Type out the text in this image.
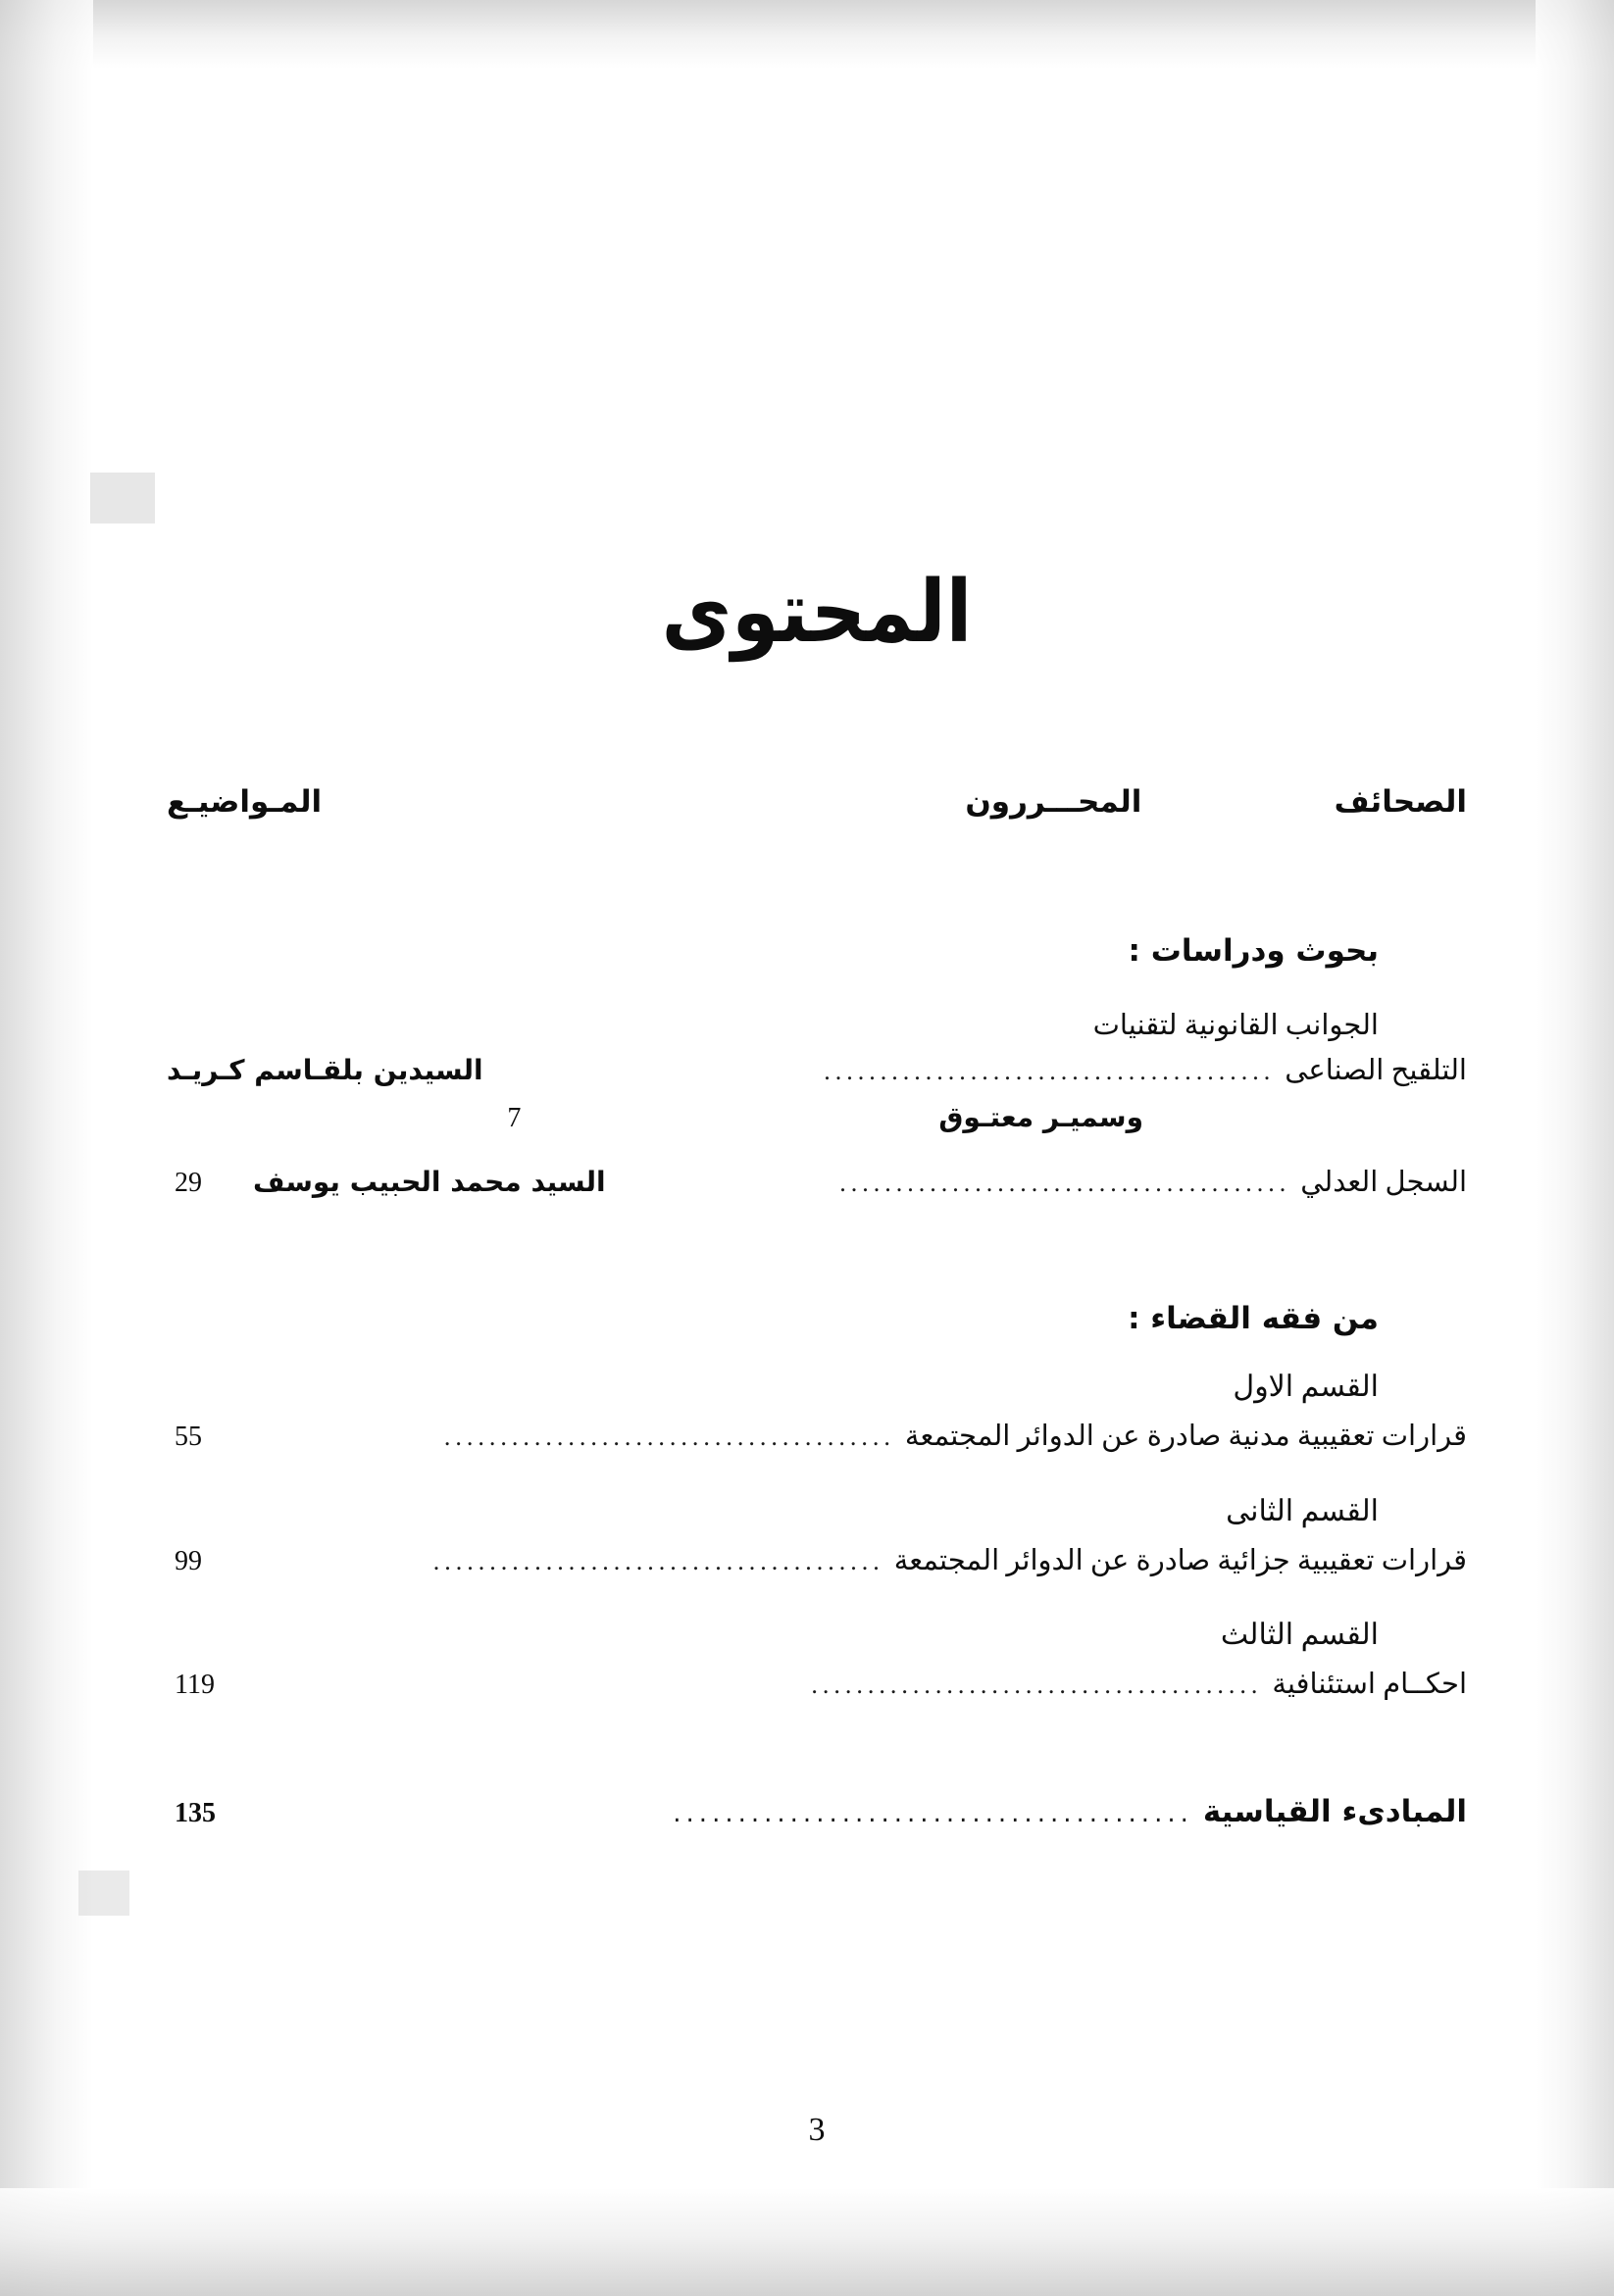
المحتوى
الصحائف
المحـــررون
المـواضيـع
بحوث ودراسات :
الجوانب القانونية لتقنيات
التلقيح الصناعى
........................................
السيدين بلقـاسم كـريـد
وسميـر معتـوق
7
السجل العدلي
........................................
السيد محمد الحبيب يوسف
29
من فقه القضاء :
القسم الاول
قرارات تعقيبية مدنية صادرة عن الدوائر المجتمعة
........................................
55
القسم الثانى
قرارات تعقيبية جزائية صادرة عن الدوائر المجتمعة
........................................
99
القسم الثالث
احكــام استئنافية
........................................
119
المبادىء القياسية
........................................
135
3
